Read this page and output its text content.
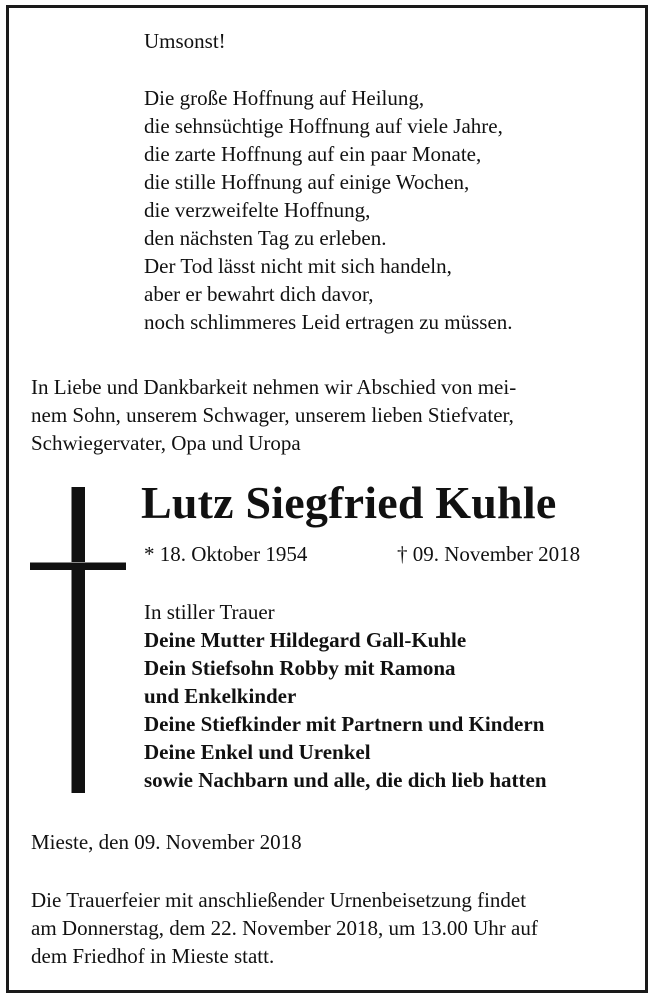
Umsonst!
Die große Hoffnung auf Heilung,
die sehnsüchtige Hoffnung auf viele Jahre,
die zarte Hoffnung auf ein paar Monate,
die stille Hoffnung auf einige Wochen,
die verzweifelte Hoffnung,
den nächsten Tag zu erleben.
Der Tod lässt nicht mit sich handeln,
aber er bewahrt dich davor,
noch schlimmeres Leid ertragen zu müssen.
In Liebe und Dankbarkeit nehmen wir Abschied von mei-
nem Sohn, unserem Schwager, unserem lieben Stiefvater,
Schwiegervater, Opa und Uropa
Lutz Siegfried Kuhle
* 18. Oktober 1954	† 09. November 2018
In stiller Trauer
Deine Mutter Hildegard Gall-Kuhle
Dein Stiefsohn Robby mit Ramona
und Enkelkinder
Deine Stiefkinder mit Partnern und Kindern
Deine Enkel und Urenkel
sowie Nachbarn und alle, die dich lieb hatten
Mieste, den 09. November 2018
Die Trauerfeier mit anschließender Urnenbeisetzung findet
am Donnerstag, dem 22. November 2018, um 13.00 Uhr auf
dem Friedhof in Mieste statt.
